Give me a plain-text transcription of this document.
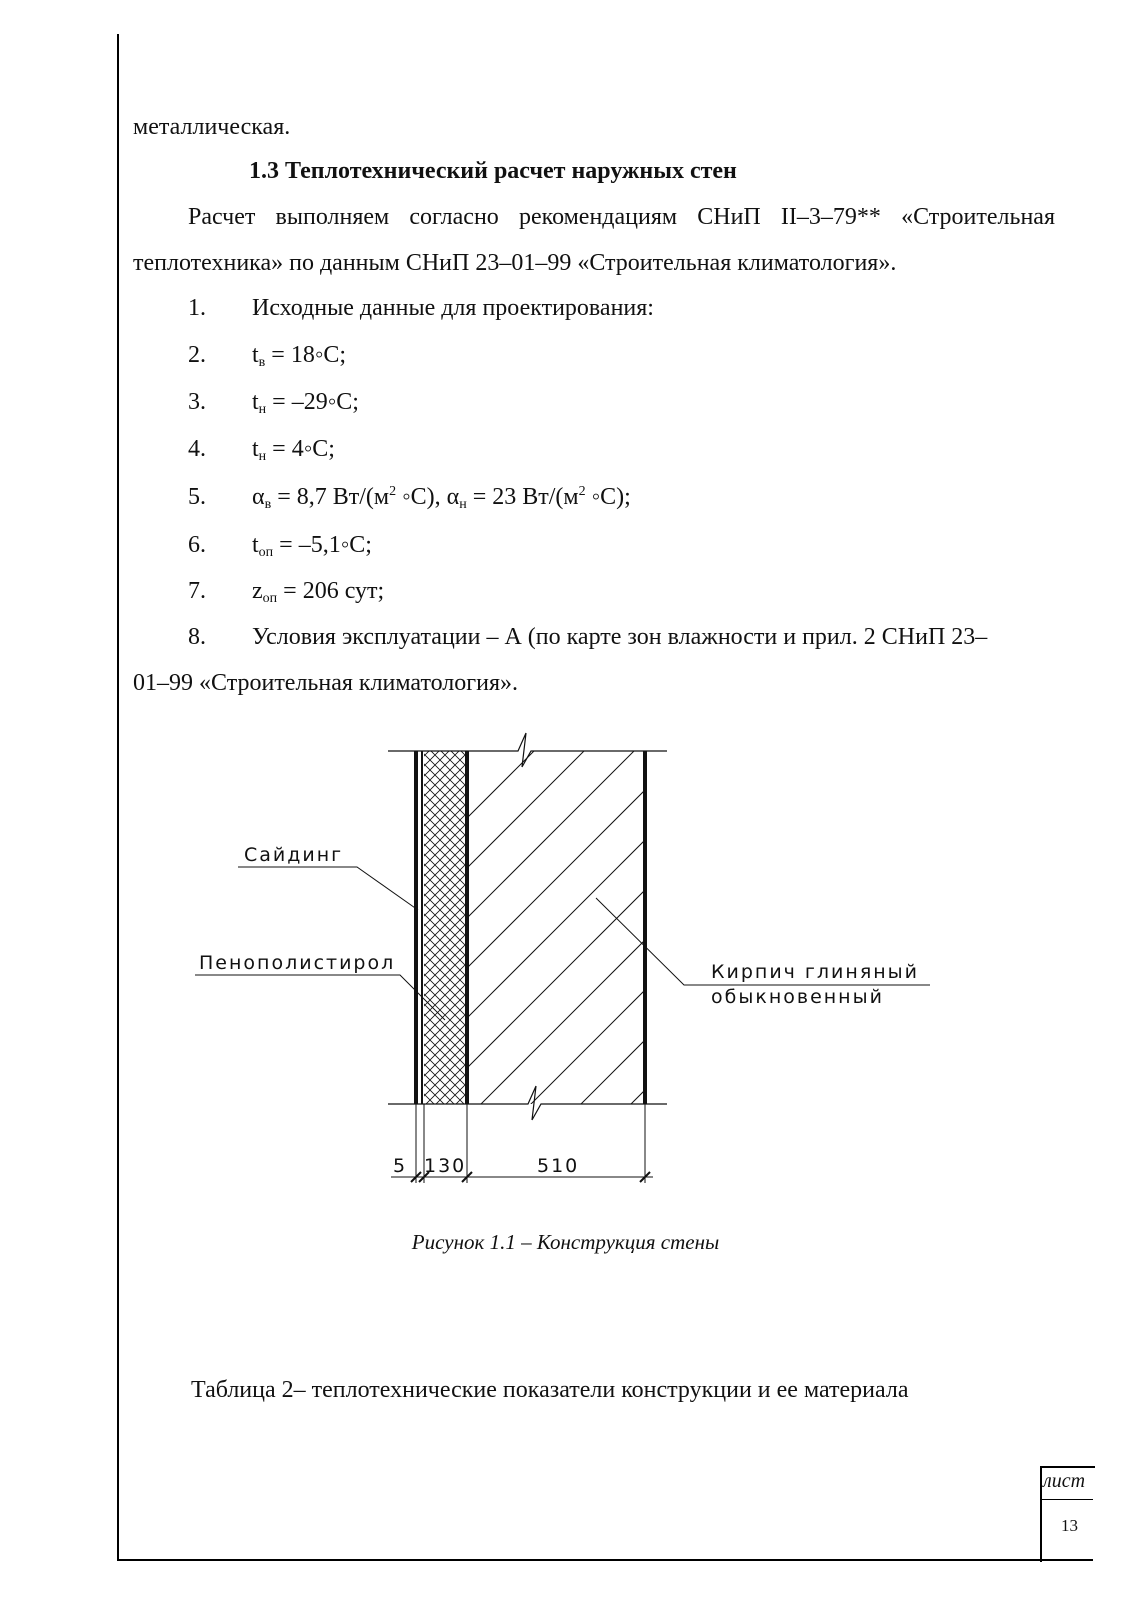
металлическая.
1.3 Теплотехнический расчет наружных стен
Расчет выполняем согласно рекомендациям СНиП II–3–79** «Строительная
теплотехника» по данным СНиП 23–01–99 «Строительная климатология».
1. Исходные данные для проектирования:
2. $t_в$ = 18◦С;
3. $t_н$ = –29◦С;
4. $t_н$ = 4◦С;
5. $\alpha_в = 8,7$ $Вт/(м^2$ ◦С), $\alpha_н = 23$ $Вт/(м^2$ ◦С);
6. $t_{оп}$ = –5,1◦С;
7. $z_{оп} = 206$ сут;
8. Условия эксплуатации – А (по карте зон влажности и прил. 2 СНиП 23–
01–99 «Строительная климатология».
Сайдинг
Пенополистирол	Кирпич глиняный
обыкновенный
5 130	510
Рисунок 1.1 – Конструкция стены
Таблица 2– теплотехнические показатели конструкции и ее материала
лист
13
